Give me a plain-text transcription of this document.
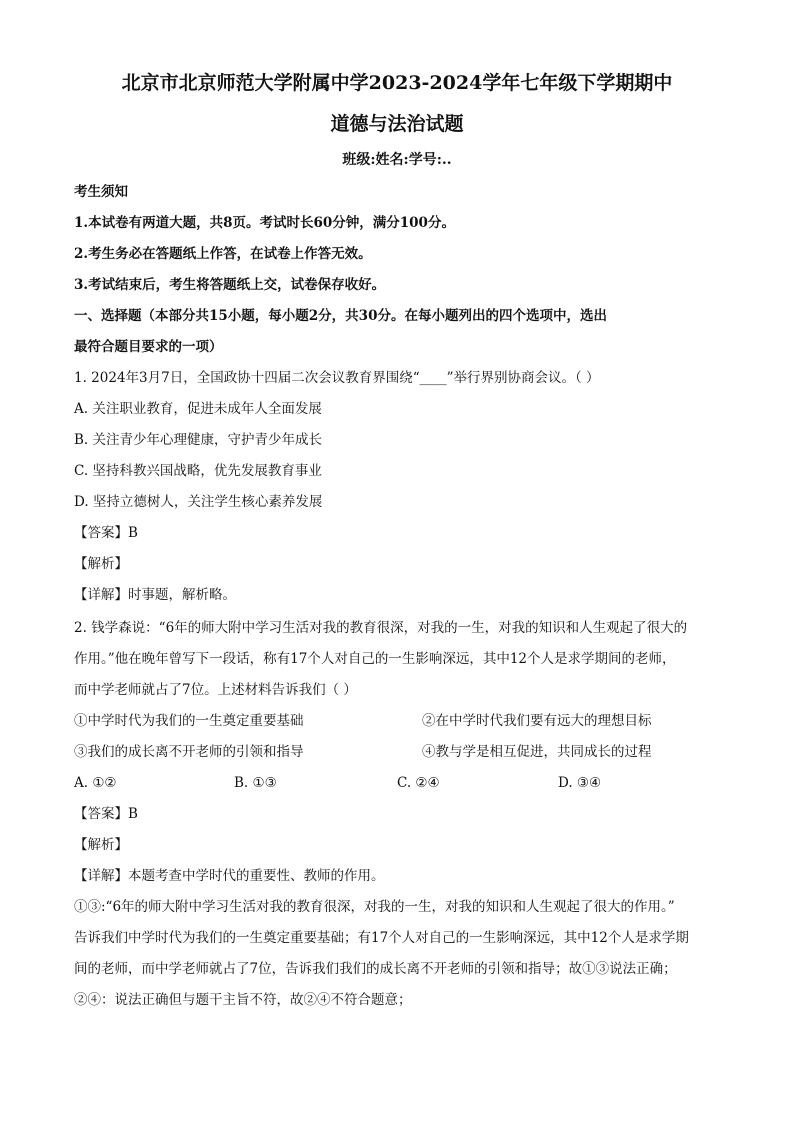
北京市北京师范大学附属中学2023-2024学年七年级下学期期中
道德与法治试题
班级:姓名:学号:..
考生须知
1.本试卷有两道大题，共8页。考试时长60分钟，满分100分。
2.考生务必在答题纸上作答，在试卷上作答无效。
3.考试结束后，考生将答题纸上交，试卷保存收好。
一、选择题（本部分共15小题，每小题2分，共30分。在每小题列出的四个选项中，选出
最符合题目要求的一项）
1. 2024年3月7日，全国政协十四届二次会议教育界围绕“____”举行界别协商会议。（ ）
A. 关注职业教育，促进未成年人全面发展
B. 关注青少年心理健康，守护青少年成长
C. 坚持科教兴国战略，优先发展教育事业
D. 坚持立德树人，关注学生核心素养发展
【答案】B
【解析】
【详解】时事题，解析略。
2. 钱学森说：“6年的师大附中学习生活对我的教育很深，对我的一生，对我的知识和人生观起了很大的
作用。”他在晚年曾写下一段话，称有17个人对自己的一生影响深远，其中12个人是求学期间的老师，
而中学老师就占了7位。上述材料告诉我们（ ）
①中学时代为我们的一生奠定重要基础	②在中学时代我们要有远大的理想目标
③我们的成长离不开老师的引领和指导	④教与学是相互促进，共同成长的过程
A. ①②	B. ①③	C. ②④	D. ③④
【答案】B
【解析】
【详解】本题考查中学时代的重要性、教师的作用。
①③:“6年的师大附中学习生活对我的教育很深，对我的一生，对我的知识和人生观起了很大的作用。”
告诉我们中学时代为我们的一生奠定重要基础；有17个人对自己的一生影响深远，其中12个人是求学期
间的老师，而中学老师就占了7位，告诉我们我们的成长离不开老师的引领和指导；故①③说法正确；
②④：说法正确但与题干主旨不符，故②④不符合题意；
